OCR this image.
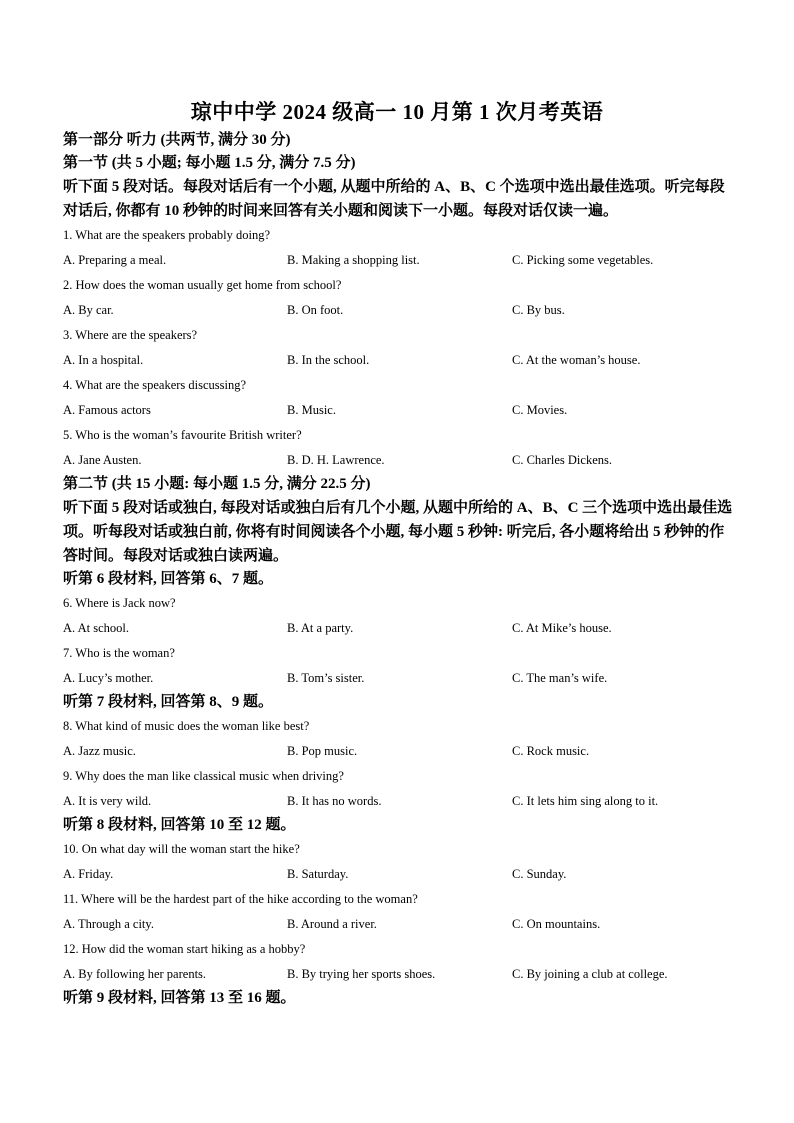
琼中中学 2024 级高一 10 月第 1 次月考英语

第一部分 听力 (共两节, 满分 30 分)

第一节 (共 5 小题; 每小题 1.5 分, 满分 7.5 分)

听下面 5 段对话。每段对话后有一个小题, 从题中所给的 A、B、C 个选项中选出最佳选项。听完每段对话后, 你都有 10 秒钟的时间来回答有关小题和阅读下一小题。每段对话仅读一遍。

1. What are the speakers probably doing?

A. Preparing a meal.	B. Making a shopping list.	C. Picking some vegetables.

2. How does the woman usually get home from school?

A. By car.	B. On foot.	C. By bus.

3. Where are the speakers?

A. In a hospital.	B. In the school.	C. At the woman’s house.

4. What are the speakers discussing?

A. Famous actors	B. Music.	C. Movies.

5. Who is the woman’s favourite British writer?

A. Jane Austen.	B. D. H. Lawrence.	C. Charles Dickens.

第二节 (共 15 小题: 每小题 1.5 分, 满分 22.5 分)

听下面 5 段对话或独白, 每段对话或独白后有几个小题, 从题中所给的 A、B、C 三个选项中选出最佳选项。听每段对话或独白前, 你将有时间阅读各个小题, 每小题 5 秒钟: 听完后, 各小题将给出 5 秒钟的作答时间。每段对话或独白读两遍。

听第 6 段材料, 回答第 6、7 题。

6. Where is Jack now?

A. At school.	B. At a party.	C. At Mike’s house.

7. Who is the woman?

A. Lucy’s mother.	B. Tom’s sister.	C. The man’s wife.

听第 7 段材料, 回答第 8、9 题。

8. What kind of music does the woman like best?

A. Jazz music.	B. Pop music.	C. Rock music.

9. Why does the man like classical music when driving?

A. It is very wild.	B. It has no words.	C. It lets him sing along to it.

听第 8 段材料, 回答第 10 至 12 题。

10. On what day will the woman start the hike?

A. Friday.	B. Saturday.	C. Sunday.

11. Where will be the hardest part of the hike according to the woman?

A. Through a city.	B. Around a river.	C. On mountains.

12. How did the woman start hiking as a hobby?

A. By following her parents.	B. By trying her sports shoes.	C. By joining a club at college.

听第 9 段材料, 回答第 13 至 16 题。
